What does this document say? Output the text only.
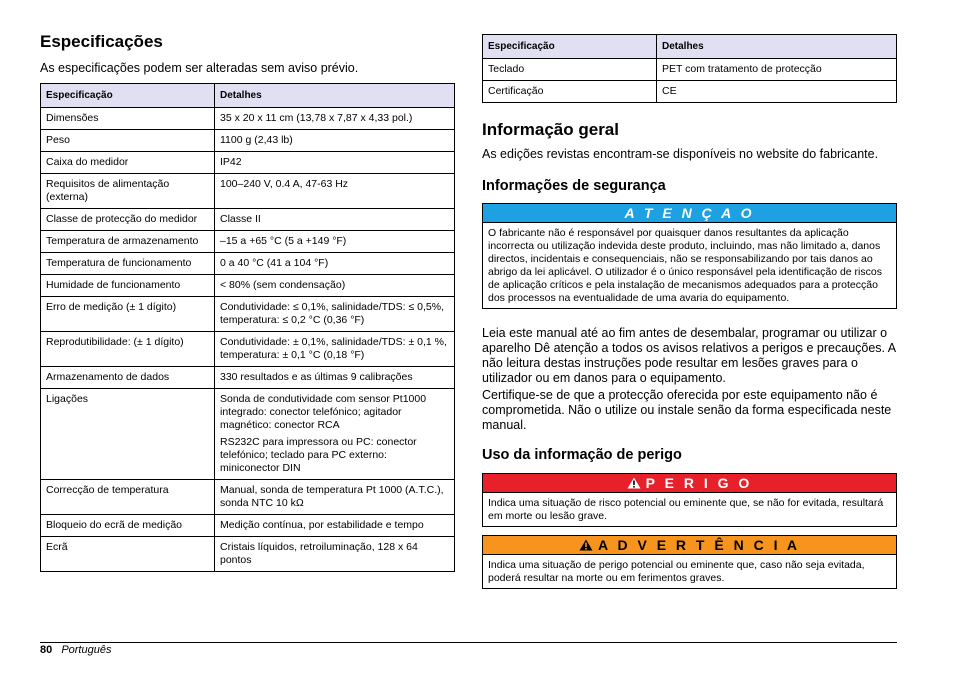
Especificações

As especificações podem ser alteradas sem aviso prévio.

Especificação	Detalhes
Dimensões	35 x 20 x 11 cm (13,78 x 7,87 x 4,33 pol.)

Peso	1100 g (2,43 lb)

Caixa do medidor	IP42

Requisitos de alimentação (externa)	100–240 V, 0.4 A, 47-63 Hz

Classe de protecção do medidor	Classe II

Temperatura de armazenamento	–15 a +65 °C (5 a +149 °F)

Temperatura de funcionamento	0 a 40 °C (41 a 104 °F)

Humidade de funcionamento	< 80% (sem condensação)

Erro de medição (± 1 dígito)	Condutividade: ≤ 0,1%, salinidade/TDS: ≤ 0,5%, temperatura: ≤ 0,2 °C (0,36 °F)

Reprodutibilidade: (± 1 dígito)	Condutividade: ± 0,1%, salinidade/TDS: ± 0,1 %, temperatura: ± 0,1 °C (0,18 °F)

Armazenamento de dados	330 resultados e as últimas 9 calibrações

Ligações	Sonda de condutividade com sensor Pt1000 integrado: conector telefónico; agitador magnético: conector RCA
RS232C para impressora ou PC: conector telefónico; teclado para PC externo: miniconector DIN

Correcção de temperatura	Manual, sonda de temperatura Pt 1000 (A.T.C.), sonda NTC 10 kΩ

Bloqueio do ecrã de medição	Medição contínua, por estabilidade e tempo

Ecrã	Cristais líquidos, retroiluminação, 128 x 64 pontos
Especificação	Detalhes
Teclado	PET com tratamento de protecção

Certificação	CE
Informação geral

As edições revistas encontram-se disponíveis no website do fabricante.

Informações de segurança
A T E N Ç A O
O fabricante não é responsável por quaisquer danos resultantes da aplicação incorrecta ou utilização indevida deste produto, incluindo, mas não limitado a, danos directos, incidentais e consequenciais, não se responsabilizando por tais danos ao abrigo da lei aplicável. O utilizador é o único responsável pela identificação de riscos de aplicação críticos e pela instalação de mecanismos adequados para a protecção dos processos na eventualidade de uma avaria do equipamento.

Leia este manual até ao fim antes de desembalar, programar ou utilizar o aparelho Dê atenção a todos os avisos relativos a perigos e precauções. A não leitura destas instruções pode resultar em lesões graves para o utilizador ou em danos para o equipamento.

Certifique-se de que a protecção oferecida por este equipamento não é comprometida. Não o utilize ou instale senão da forma especificada neste manual.

Uso da informação de perigo
P E R I G O
Indica uma situação de risco potencial ou eminente que, se não for evitada, resultará em morte ou lesão grave.
A D V E R T Ê N C I A
Indica uma situação de perigo potencial ou eminente que, caso não seja evitada, poderá resultar na morte ou em ferimentos graves.
80 Português
